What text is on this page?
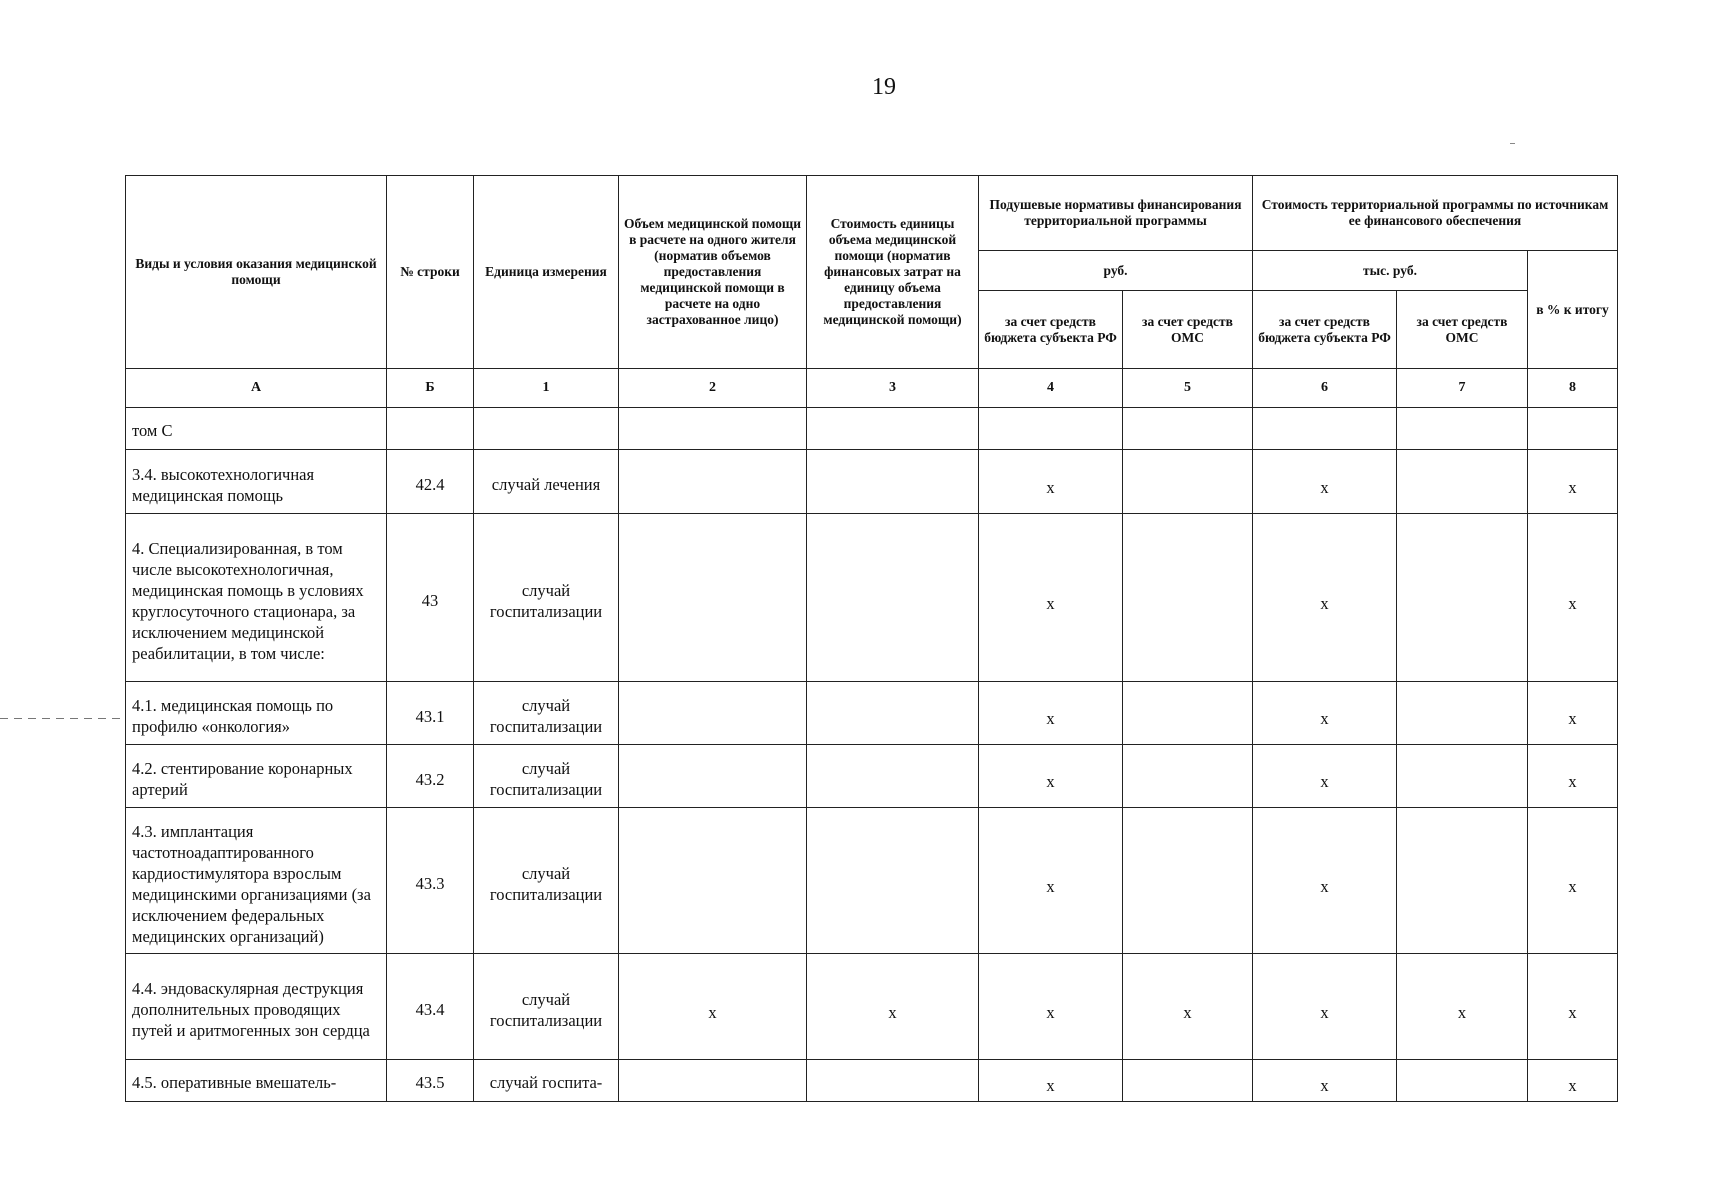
19
Виды и условия оказания медицинской помощи	№ строки	Единица измерения	Объем медицинской помощи в расчете на одного жителя (норматив объемов предоставления медицинской помощи в расчете на одно застрахованное лицо)	Стоимость единицы объема медицинской помощи (норматив финансовых затрат на единицу объема предоставления медицинской помощи)	Подушевые нормативы финансирования территориальной программы		Стоимость территориальной программы по источникам ее финансового обеспечения		
					руб.		тыс. руб.		в % к итогу
					за счет средств бюджета субъекта РФ	за счет средств ОМС	за счет средств бюджета субъекта РФ	за счет средств ОМС	
А	Б	1	2	3	4	5	6	7	8
том С									
3.4. высокотехнологичная медицинская помощь	42.4	случай лечения			x		x		x
4. Специализированная, в том числе высокотехнологичная, медицинская помощь в условиях круглосуточного стационара, за исключением медицинской реабилитации, в том числе:	43	случай госпитализации			x		x		x
4.1. медицинская помощь по профилю «онкология»	43.1	случай госпитализации			x		x		x
4.2. стентирование коронарных артерий	43.2	случай госпитализации			x		x		x
4.3. имплантация частотноадаптированного кардиостимулятора взрослым медицинскими организациями (за исключением федеральных медицинских организаций)	43.3	случай госпитализации			x		x		x
4.4. эндоваскулярная деструкция дополнительных проводящих путей и аритмогенных зон сердца	43.4	случай госпитализации	x	x	x	x	x	x	x
4.5. оперативные вмешатель-	43.5	случай госпита-			x		x		x
